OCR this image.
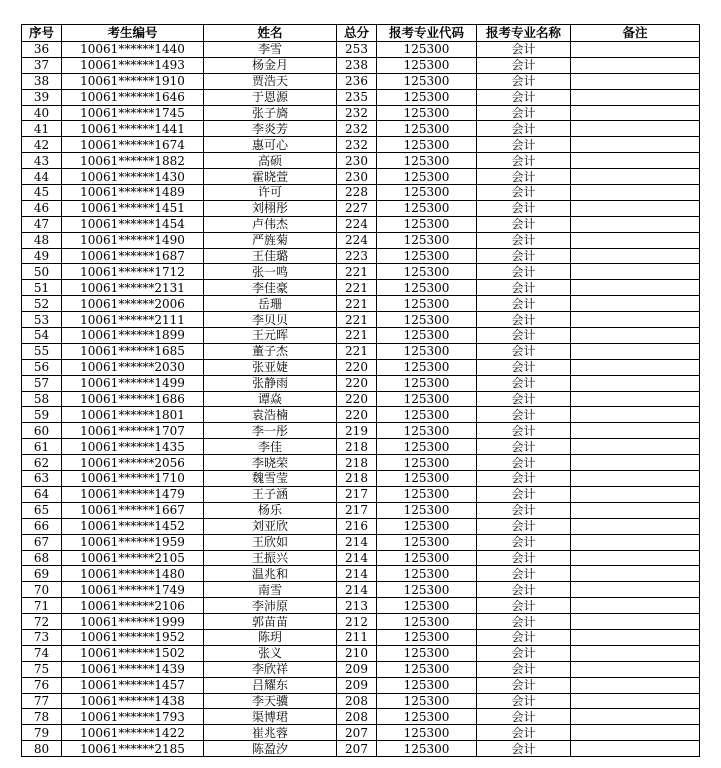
序号	考生编号	姓名	总分	报考专业代码	报考专业名称	备注
36	10061******1440	李雪	253	125300	会计	
37	10061******1493	杨金月	238	125300	会计	
38	10061******1910	贾浩天	236	125300	会计	
39	10061******1646	于恩源	235	125300	会计	
40	10061******1745	张子旖	232	125300	会计	
41	10061******1441	李炎芳	232	125300	会计	
42	10061******1674	惠可心	232	125300	会计	
43	10061******1882	高硕	230	125300	会计	
44	10061******1430	霍晓萱	230	125300	会计	
45	10061******1489	许可	228	125300	会计	
46	10061******1451	刘栩彤	227	125300	会计	
47	10061******1454	卢伟杰	224	125300	会计	
48	10061******1490	严旌菊	224	125300	会计	
49	10061******1687	王佳璐	223	125300	会计	
50	10061******1712	张一鸣	221	125300	会计	
51	10061******2131	李佳豪	221	125300	会计	
52	10061******2006	岳珊	221	125300	会计	
53	10061******2111	李贝贝	221	125300	会计	
54	10061******1899	王元晖	221	125300	会计	
55	10061******1685	董子杰	221	125300	会计	
56	10061******2030	张亚婕	220	125300	会计	
57	10061******1499	张静雨	220	125300	会计	
58	10061******1686	谭焱	220	125300	会计	
59	10061******1801	袁浩楠	220	125300	会计	
60	10061******1707	李一彤	219	125300	会计	
61	10061******1435	李佳	218	125300	会计	
62	10061******2056	李晓荣	218	125300	会计	
63	10061******1710	魏雪莹	218	125300	会计	
64	10061******1479	王子涵	217	125300	会计	
65	10061******1667	杨乐	217	125300	会计	
66	10061******1452	刘亚欣	216	125300	会计	
67	10061******1959	王欣如	214	125300	会计	
68	10061******2105	王振兴	214	125300	会计	
69	10061******1480	温兆和	214	125300	会计	
70	10061******1749	南雪	214	125300	会计	
71	10061******2106	李沛原	213	125300	会计	
72	10061******1999	郭苗苗	212	125300	会计	
73	10061******1952	陈玥	211	125300	会计	
74	10061******1502	张义	210	125300	会计	
75	10061******1439	李欣祥	209	125300	会计	
76	10061******1457	吕耀东	209	125300	会计	
77	10061******1438	李天骥	208	125300	会计	
78	10061******1793	渠博珺	208	125300	会计	
79	10061******1422	崔兆蓉	207	125300	会计	
80	10061******2185	陈盈汐	207	125300	会计	
